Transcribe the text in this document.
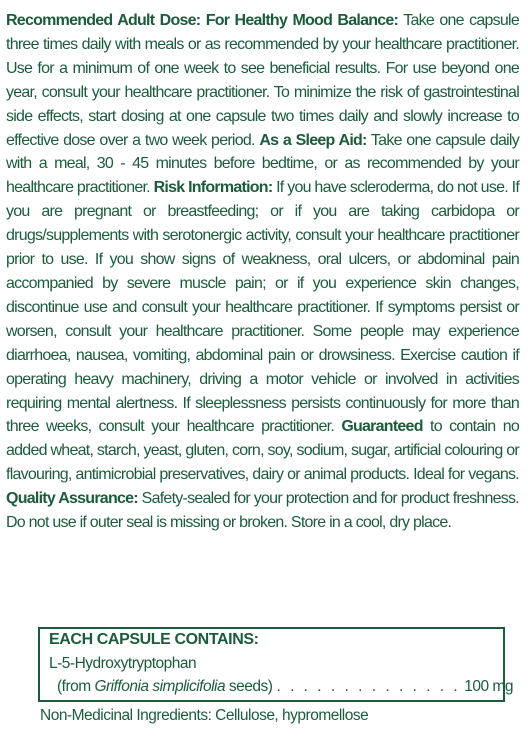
Recommended Adult Dose: For Healthy Mood Balance: Take one capsule three times daily with meals or as recommended by your healthcare practitioner. Use for a minimum of one week to see beneficial results. For use beyond one year, consult your healthcare practitioner. To minimize the risk of gastrointestinal side effects, start dosing at one capsule two times daily and slowly increase to effective dose over a two week period. As a Sleep Aid: Take one capsule daily with a meal, 30 - 45 minutes before bedtime, or as recommended by your healthcare practitioner. Risk Information: If you have scleroderma, do not use. If you are pregnant or breastfeeding; or if you are taking carbidopa or drugs/supplements with serotonergic activity, consult your healthcare practitioner prior to use. If you show signs of weakness, oral ulcers, or abdominal pain accompanied by severe muscle pain; or if you experience skin changes, discontinue use and consult your healthcare practitioner. If symptoms persist or worsen, consult your healthcare practitioner. Some people may experience diarrhoea, nausea, vomiting, abdominal pain or drowsiness. Exercise caution if operating heavy machinery, driving a motor vehicle or involved in activities requiring mental alertness. If sleeplessness persists continuously for more than three weeks, consult your healthcare practitioner. Guaranteed to contain no added wheat, starch, yeast, gluten, corn, soy, sodium, sugar, artificial colouring or flavouring, antimicrobial preservatives, dairy or animal products. Ideal for vegans. Quality Assurance: Safety-sealed for your protection and for product freshness. Do not use if outer seal is missing or broken. Store in a cool, dry place.

EACH CAPSULE CONTAINS:
L-5-Hydroxytryptophan
(from Griffonia simplicifolia seeds) . . . . . . . . . . . . . . 100 mg
Non-Medicinal Ingredients: Cellulose, hypromellose
